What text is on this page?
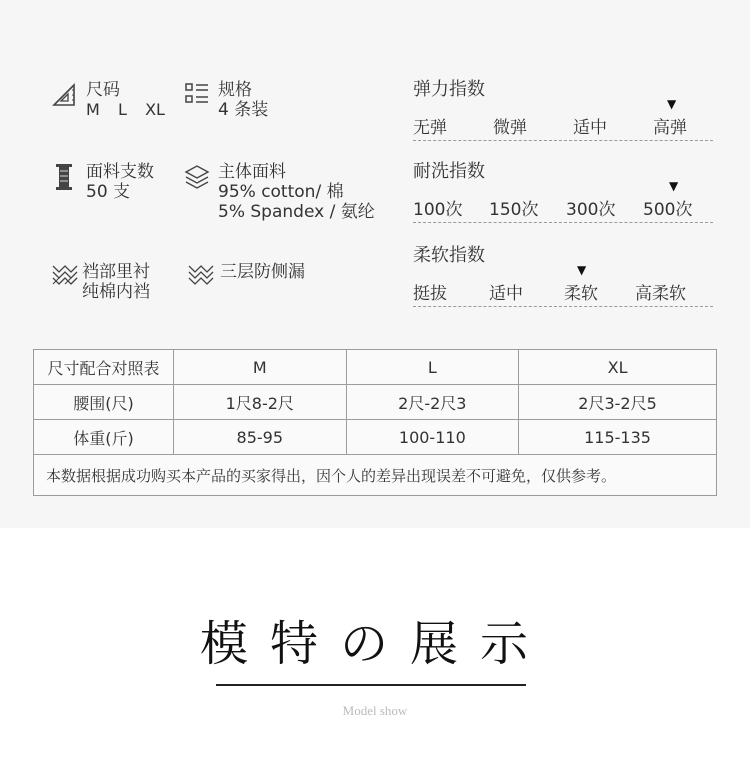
尺码
M  L  XL
规格
4 条装
面料支数
50 支
主体面料
95% cotton/ 棉
5% Spandex / 氨纶
裆部里衬
纯棉内裆
三层防侧漏
弹力指数
▼
无弹	微弹	适中	高弹
耐洗指数
▼
100次 150次 300次 500次
柔软指数
▼
挺拔 适中 柔软 高柔软
尺寸配合对照表	M	L	XL
腰围(尺)	1尺8-2尺	2尺-2尺3	2尺3-2尺5
体重(斤)	85-95	100-110	115-135
本数据根据成功购买本产品的买家得出，因个人的差异出现误差不可避免，仅供参考。			
模特の展示
Model show
